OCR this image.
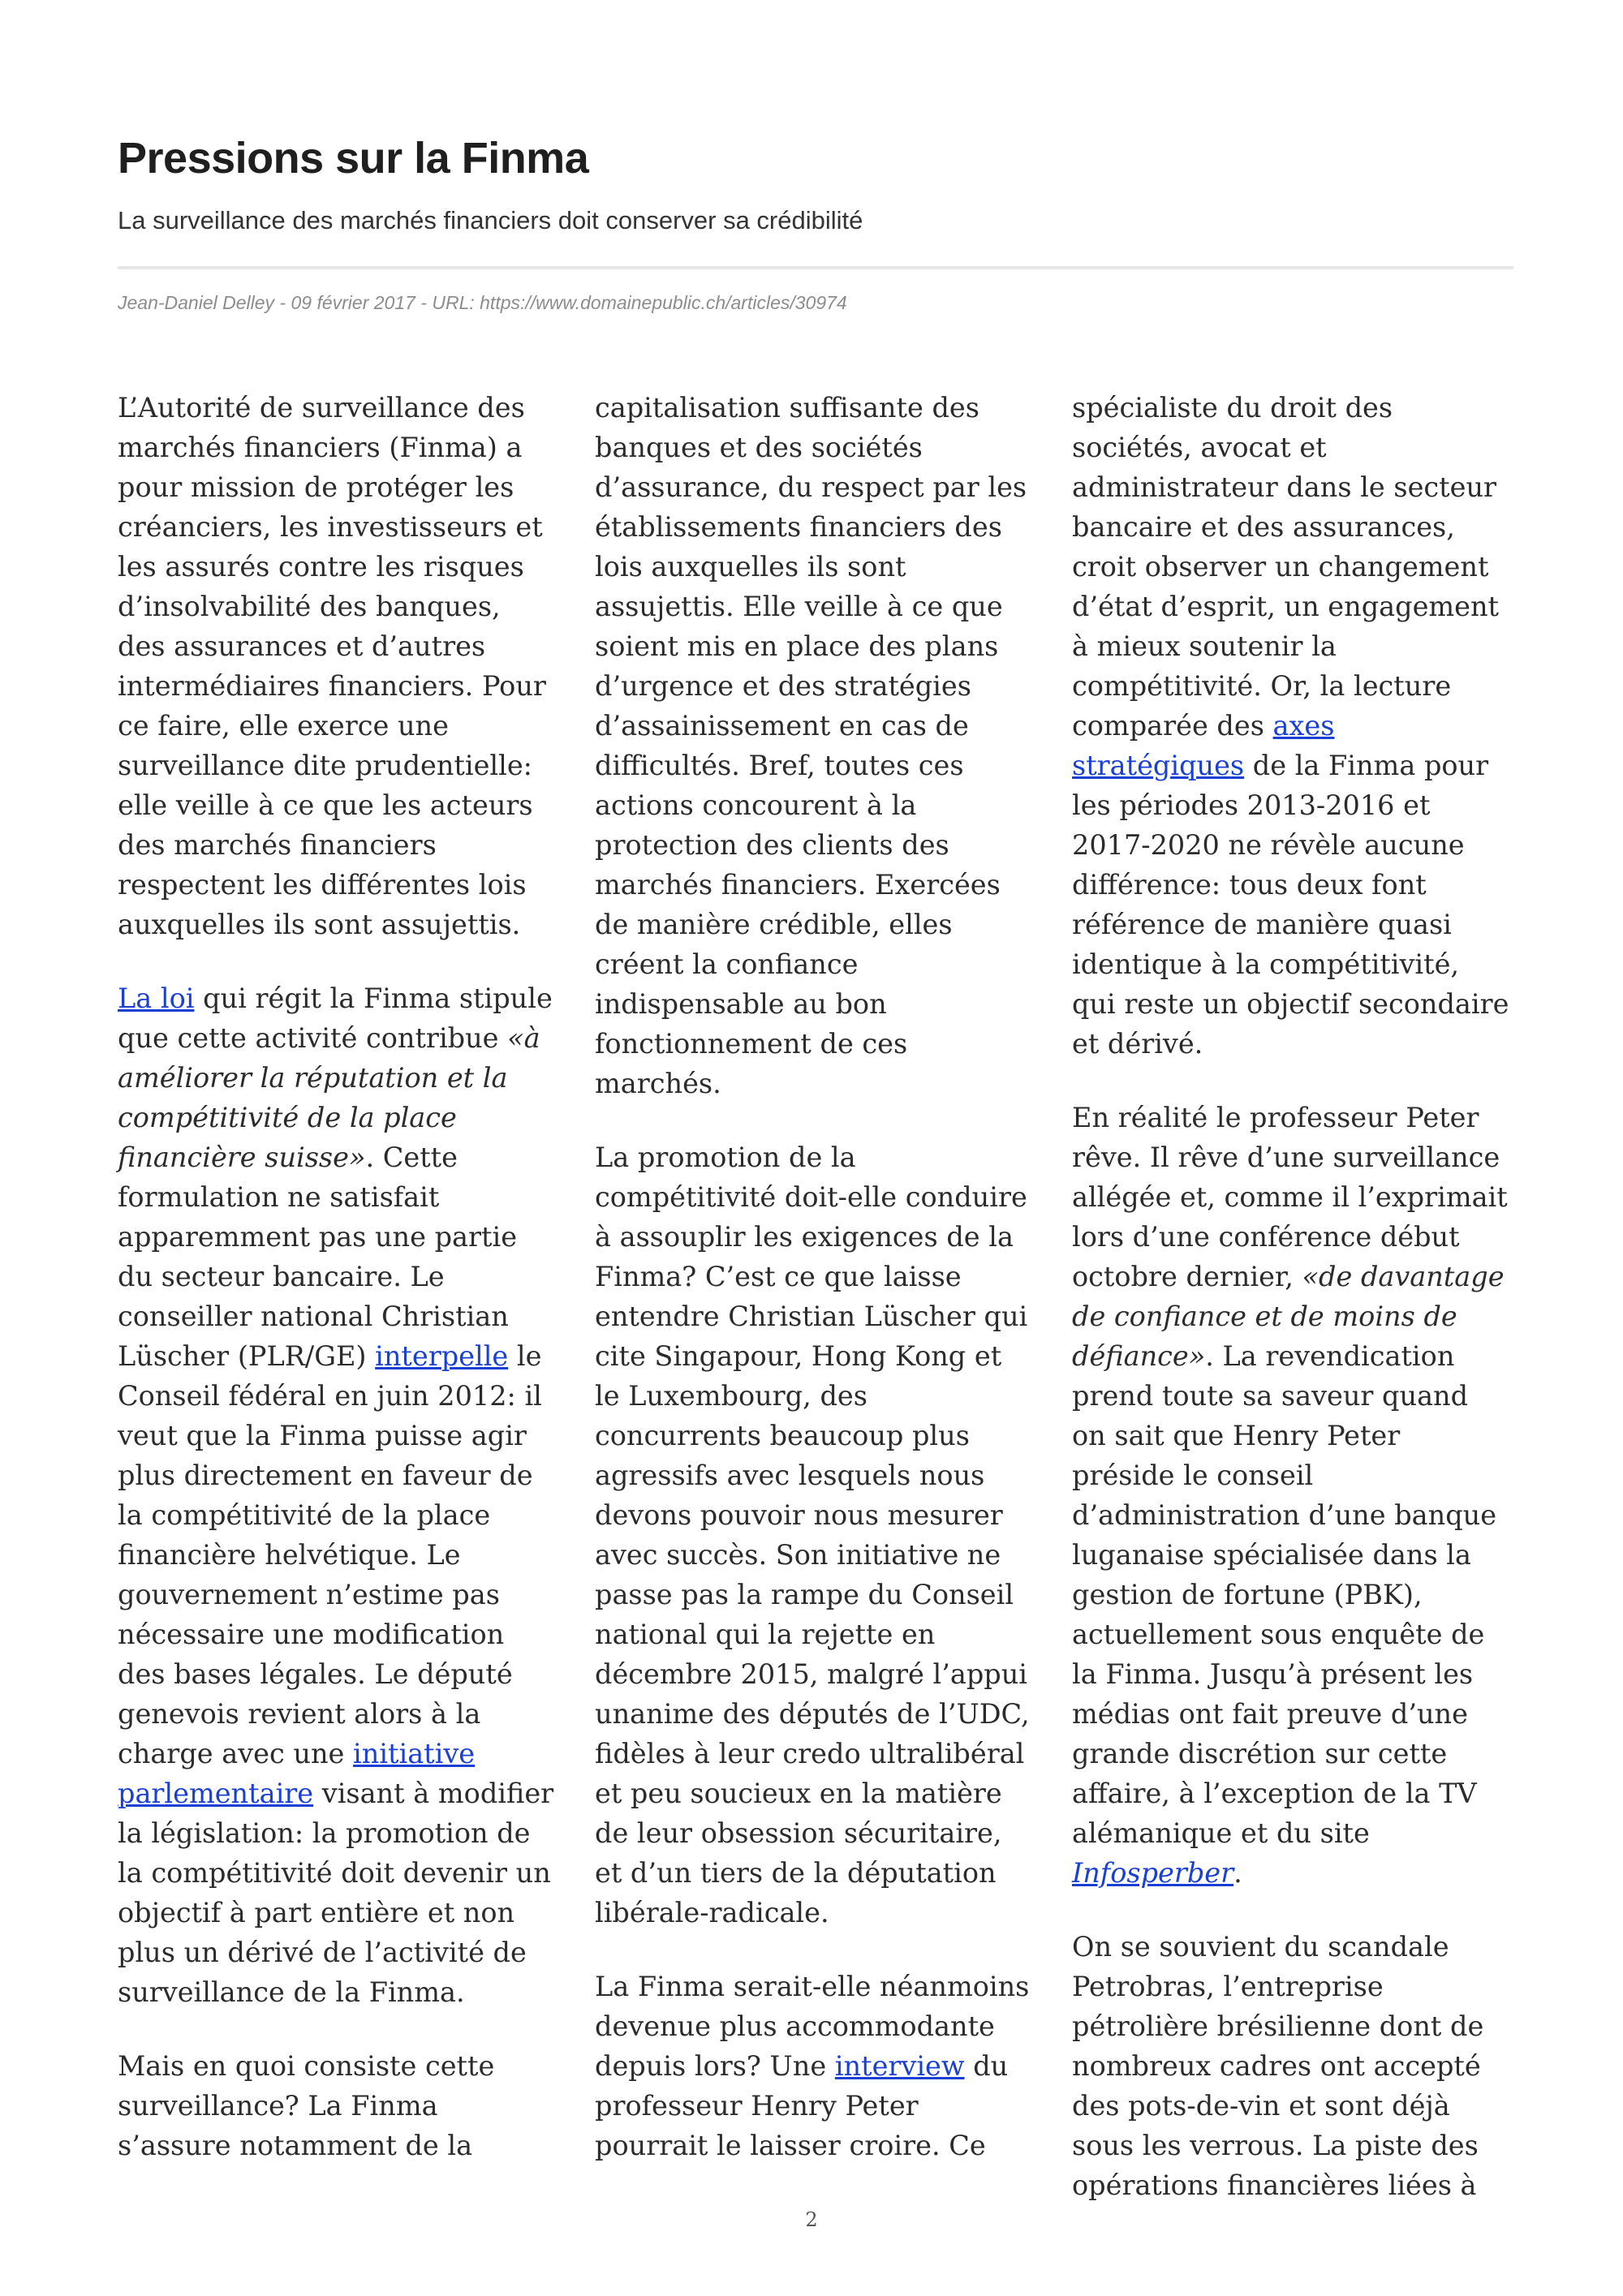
Pressions sur la Finma
La surveillance des marchés financiers doit conserver sa crédibilité
Jean-Daniel Delley - 09 février 2017 - URL: https://www.domainepublic.ch/articles/30974

L’Autorité de surveillance des marchés financiers (Finma) a pour mission de protéger les créanciers, les investisseurs et les assurés contre les risques d’insolvabilité des banques, des assurances et d’autres intermédiaires financiers. Pour ce faire, elle exerce une surveillance dite prudentielle: elle veille à ce que les acteurs des marchés financiers respectent les différentes lois auxquelles ils sont assujettis.

La loi qui régit la Finma stipule que cette activité contribue «à améliorer la réputation et la compétitivité de la place financière suisse». Cette formulation ne satisfait apparemment pas une partie du secteur bancaire. Le conseiller national Christian Lüscher (PLR/GE) interpelle le Conseil fédéral en juin 2012: il veut que la Finma puisse agir plus directement en faveur de la compétitivité de la place financière helvétique. Le gouvernement n’estime pas nécessaire une modification des bases légales. Le député genevois revient alors à la charge avec une initiative parlementaire visant à modifier la législation: la promotion de la compétitivité doit devenir un objectif à part entière et non plus un dérivé de l’activité de surveillance de la Finma.

Mais en quoi consiste cette surveillance? La Finma s’assure notamment de la

capitalisation suffisante des banques et des sociétés d’assurance, du respect par les établissements financiers des lois auxquelles ils sont assujettis. Elle veille à ce que soient mis en place des plans d’urgence et des stratégies d’assainissement en cas de difficultés. Bref, toutes ces actions concourent à la protection des clients des marchés financiers. Exercées de manière crédible, elles créent la confiance indispensable au bon fonctionnement de ces marchés.

La promotion de la compétitivité doit-elle conduire à assouplir les exigences de la Finma? C’est ce que laisse entendre Christian Lüscher qui cite Singapour, Hong Kong et le Luxembourg, des concurrents beaucoup plus agressifs avec lesquels nous devons pouvoir nous mesurer avec succès. Son initiative ne passe pas la rampe du Conseil national qui la rejette en décembre 2015, malgré l’appui unanime des députés de l’UDC, fidèles à leur credo ultralibéral et peu soucieux en la matière de leur obsession sécuritaire, et d’un tiers de la députation libérale-radicale.

La Finma serait-elle néanmoins devenue plus accommodante depuis lors? Une interview du professeur Henry Peter pourrait le laisser croire. Ce

spécialiste du droit des sociétés, avocat et administrateur dans le secteur bancaire et des assurances, croit observer un changement d’état d’esprit, un engagement à mieux soutenir la compétitivité. Or, la lecture comparée des axes stratégiques de la Finma pour les périodes 2013-2016 et 2017-2020 ne révèle aucune différence: tous deux font référence de manière quasi identique à la compétitivité, qui reste un objectif secondaire et dérivé.

En réalité le professeur Peter rêve. Il rêve d’une surveillance allégée et, comme il l’exprimait lors d’une conférence début octobre dernier, «de davantage de confiance et de moins de défiance». La revendication prend toute sa saveur quand on sait que Henry Peter préside le conseil d’administration d’une banque luganaise spécialisée dans la gestion de fortune (PBK), actuellement sous enquête de la Finma. Jusqu’à présent les médias ont fait preuve d’une grande discrétion sur cette affaire, à l’exception de la TV alémanique et du site Infosperber.

On se souvient du scandale Petrobras, l’entreprise pétrolière brésilienne dont de nombreux cadres ont accepté des pots-de-vin et sont déjà sous les verrous. La piste des opérations financières liées à

2
